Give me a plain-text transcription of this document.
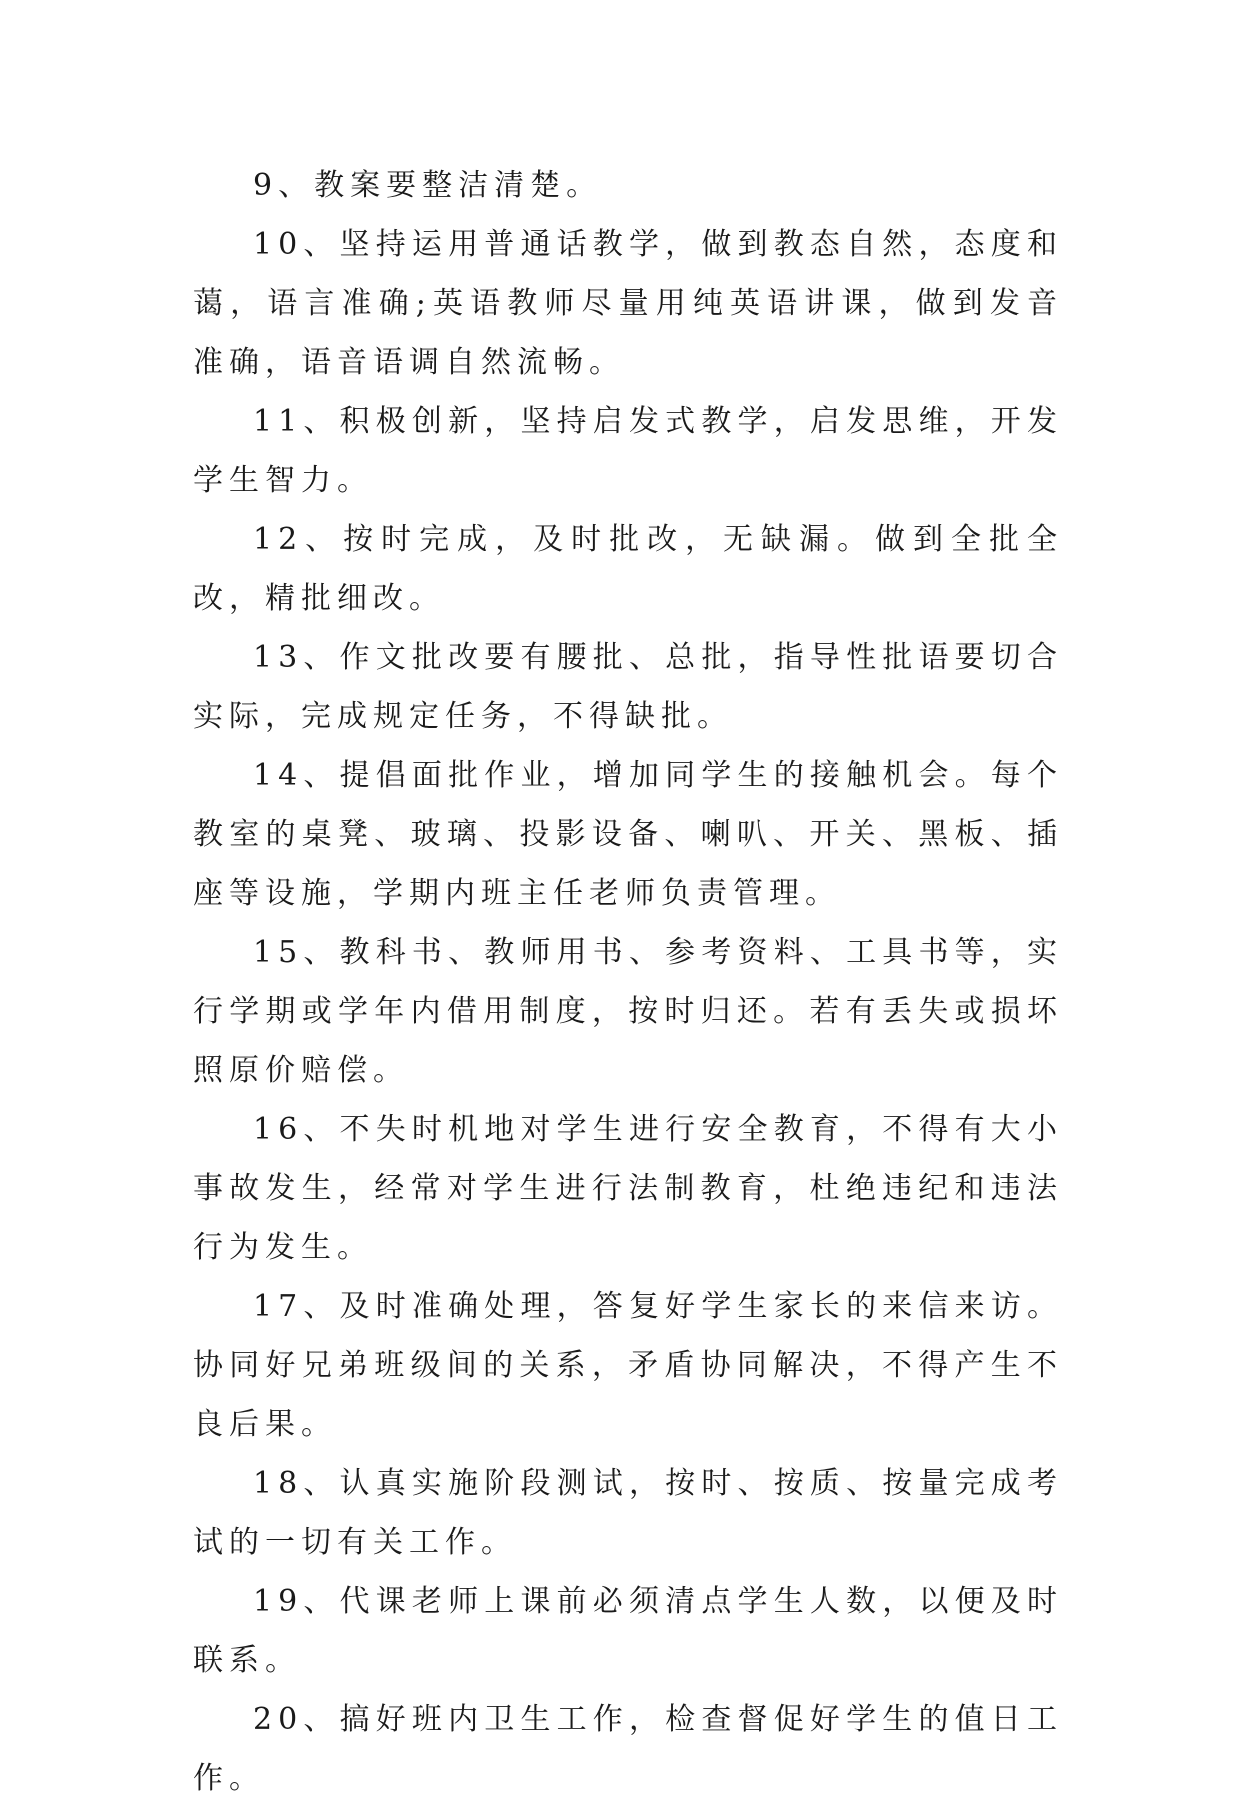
9、教案要整洁清楚。

10、坚持运用普通话教学，做到教态自然，态度和蔼，语言准确;英语教师尽量用纯英语讲课，做到发音准确，语音语调自然流畅。

11、积极创新，坚持启发式教学，启发思维，开发学生智力。

12、按时完成，及时批改，无缺漏。做到全批全改，精批细改。

13、作文批改要有腰批、总批，指导性批语要切合实际，完成规定任务，不得缺批。

14、提倡面批作业，增加同学生的接触机会。每个教室的桌凳、玻璃、投影设备、喇叭、开关、黑板、插座等设施，学期内班主任老师负责管理。

15、教科书、教师用书、参考资料、工具书等，实行学期或学年内借用制度，按时归还。若有丢失或损坏照原价赔偿。

16、不失时机地对学生进行安全教育，不得有大小事故发生，经常对学生进行法制教育，杜绝违纪和违法行为发生。

17、及时准确处理，答复好学生家长的来信来访。协同好兄弟班级间的关系，矛盾协同解决，不得产生不良后果。

18、认真实施阶段测试，按时、按质、按量完成考试的一切有关工作。

19、代课老师上课前必须清点学生人数，以便及时联系。

20、搞好班内卫生工作，检查督促好学生的值日工作。
